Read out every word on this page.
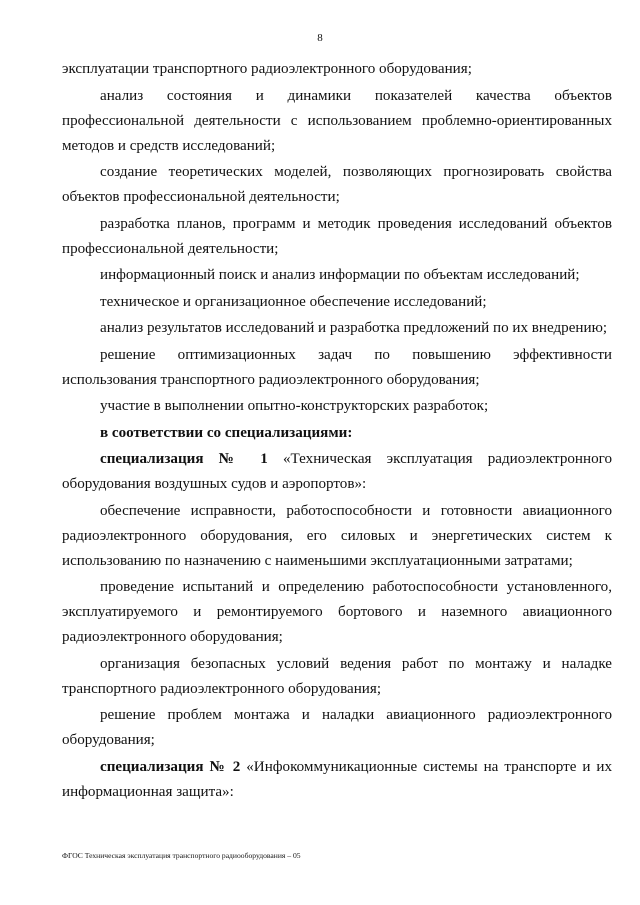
8

эксплуатации транспортного радиоэлектронного оборудования;

анализ состояния и динамики показателей качества объектов профессиональной деятельности с использованием проблемно-ориентированных методов и средств исследований;

создание теоретических моделей, позволяющих прогнозировать свойства объектов профессиональной деятельности;

разработка планов, программ и методик проведения исследований объектов профессиональной деятельности;

информационный поиск и анализ информации по объектам исследований;

техническое и организационное обеспечение исследований;

анализ результатов исследований и разработка предложений по их внедрению;

решение оптимизационных задач по повышению эффективности использования транспортного радиоэлектронного оборудования;

участие в выполнении опытно-конструкторских разработок;

в соответствии со специализациями:

специализация № 1 «Техническая эксплуатация радиоэлектронного оборудования воздушных судов и аэропортов»:

обеспечение исправности, работоспособности и готовности авиационного радиоэлектронного оборудования, его силовых и энергетических систем к использованию по назначению с наименьшими эксплуатационными затратами;

проведение испытаний и определению работоспособности установленного, эксплуатируемого и ремонтируемого бортового и наземного авиационного радиоэлектронного оборудования;

организация безопасных условий ведения работ по монтажу и наладке транспортного радиоэлектронного оборудования;

решение проблем монтажа и наладки авиационного радиоэлектронного оборудования;

специализация № 2 «Инфокоммуникационные системы на транспорте и их информационная защита»:

ФГОС Техническая эксплуатация транспортного радиооборудования – 05
